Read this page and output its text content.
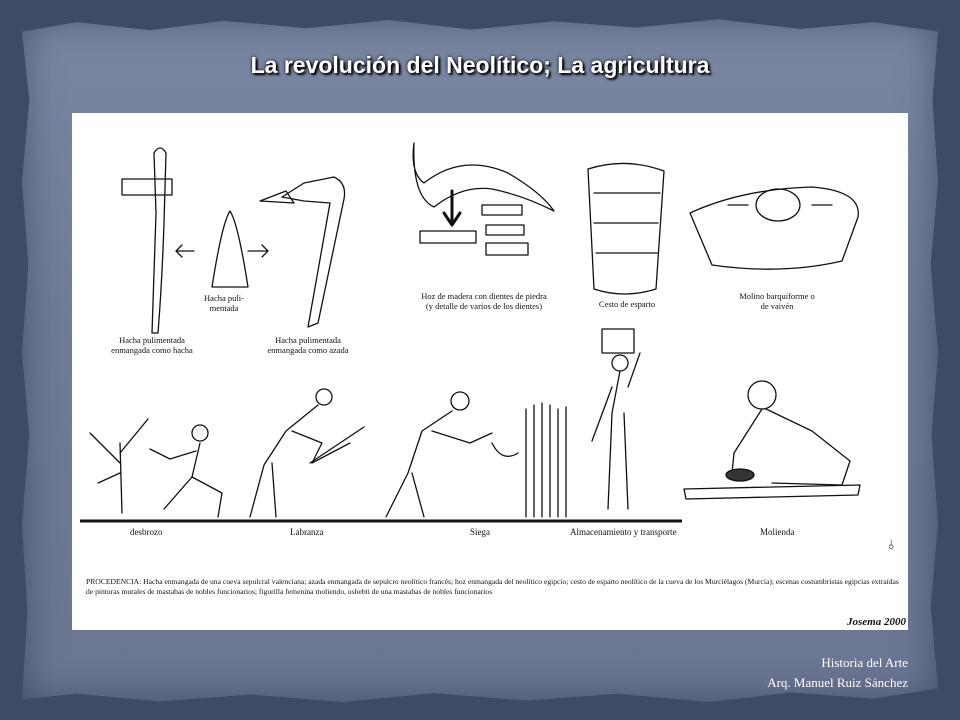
La revolución del Neolítico; La agricultura
Hacha pulimentada
enmangada como hacha
Hacha puli-
mentada
Hacha pulimentada
enmangada como azada
Hoz de madera con dientes de piedra
(y detalle de varios de los dientes)	Cesto de esparto
Molino barquiforme o
de vaivén
desbrozo	Labranza	Siega	Almacenamiento y transporte	Molienda
⫰
PROCEDENCIA: Hacha enmangada de una cueva sepulcral valenciana; azada enmangada de sepulcro neolítico francés; hoz enmangada del neolítico egipcio; cesto de esparto neolítico de la cueva de los Murciélagos (Murcia); escenas costumbristas egipcias extraídas de pinturas murales de mastabas de nobles funcionarios; figurilla femenina moliendo, ushebti de una mastabas de nobles funcionarios
Josema 2000
Historia del Arte
Arq. Manuel Ruiz Sánchez
